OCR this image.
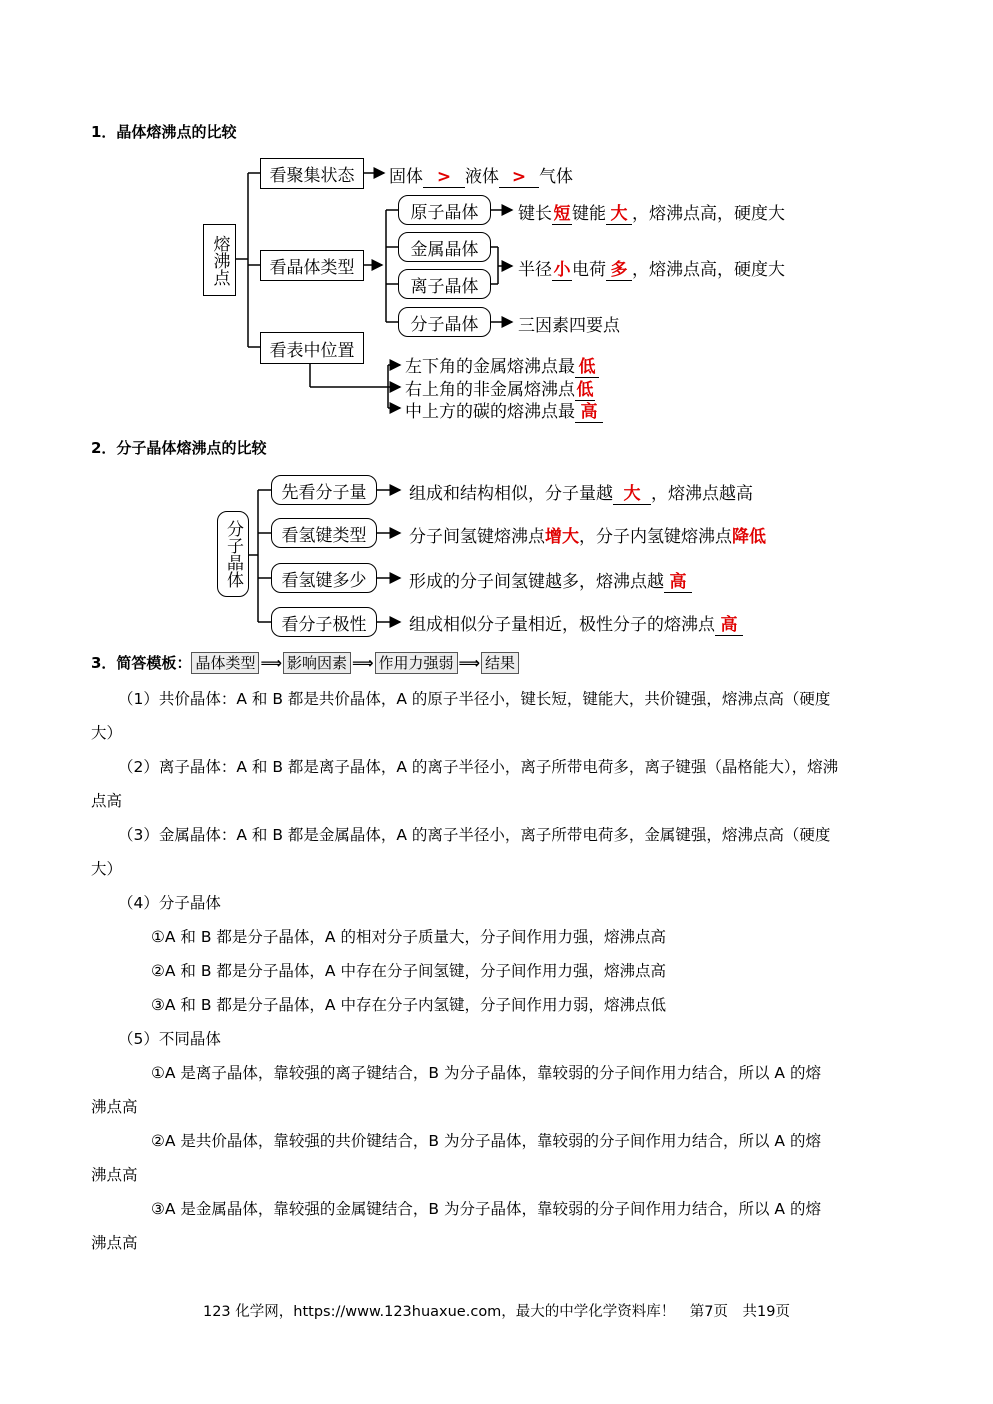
1．晶体熔沸点的比较
熔沸点
看聚集状态	固体 > 液体 > 气体
看晶体类型
原子晶体	键长短键能 大 ，熔沸点高，硬度大
金属晶体
离子晶体
半径小电荷 多 ，熔沸点高，硬度大
分子晶体	三因素四要点
看表中位置
左下角的金属熔沸点最 低
右上角的非金属熔沸点低
中上方的碳的熔沸点最 高
2．分子晶体熔沸点的比较
分子晶体
先看分子量	组成和结构相似，分子量越 大 ，熔沸点越高
看氢键类型	分子间氢键熔沸点增大，分子内氢键熔沸点降低
看氢键多少	形成的分子间氢键越多，熔沸点越 高
看分子极性	组成相似分子量相近，极性分子的熔沸点 高
3．简答模板： 晶体类型 ⟹ 影响因素 ⟹ 作用力强弱 ⟹ 结果
（1）共价晶体：A 和 B 都是共价晶体，A 的原子半径小，键长短，键能大，共价键强，熔沸点高（硬度
大）
（2）离子晶体：A 和 B 都是离子晶体，A 的离子半径小，离子所带电荷多，离子键强（晶格能大），熔沸
点高
（3）金属晶体：A 和 B 都是金属晶体，A 的离子半径小，离子所带电荷多，金属键强，熔沸点高（硬度
大）
（4）分子晶体
①A 和 B 都是分子晶体，A 的相对分子质量大，分子间作用力强，熔沸点高
②A 和 B 都是分子晶体，A 中存在分子间氢键，分子间作用力强，熔沸点高
③A 和 B 都是分子晶体，A 中存在分子内氢键，分子间作用力弱，熔沸点低
（5）不同晶体
①A 是离子晶体，靠较强的离子键结合，B 为分子晶体，靠较弱的分子间作用力结合，所以 A 的熔
沸点高
②A 是共价晶体，靠较强的共价键结合，B 为分子晶体，靠较弱的分子间作用力结合，所以 A 的熔
沸点高
③A 是金属晶体，靠较强的金属键结合，B 为分子晶体，靠较弱的分子间作用力结合，所以 A 的熔
沸点高
123 化学网，https://www.123huaxue.com，最大的中学化学资料库！　第7页　共19页
